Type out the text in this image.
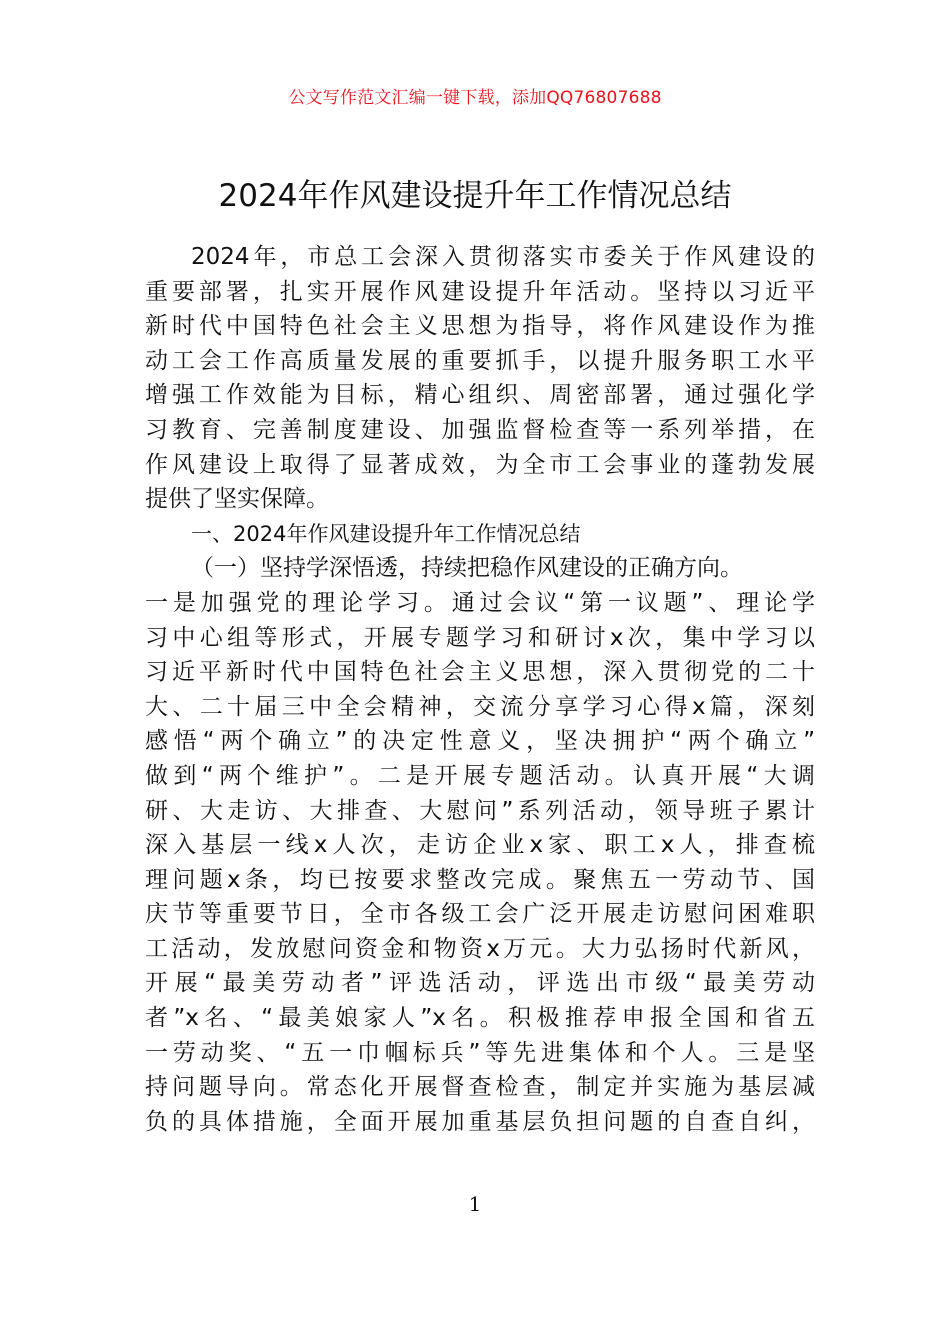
公文写作范文汇编一键下载，添加QQ76807688
2024年作风建设提升年工作情况总结
2024年，市总工会深入贯彻落实市委关于作风建设的
重要部署，扎实开展作风建设提升年活动。坚持以习近平
新时代中国特色社会主义思想为指导，将作风建设作为推
动工会工作高质量发展的重要抓手，以提升服务职工水平
增强工作效能为目标，精心组织、周密部署，通过强化学
习教育、完善制度建设、加强监督检查等一系列举措，在
作风建设上取得了显著成效，为全市工会事业的蓬勃发展
提供了坚实保障。
一、2024年作风建设提升年工作情况总结
（一）坚持学深悟透，持续把稳作风建设的正确方向。
一是加强党的理论学习。通过会议“第一议题”、理论学
习中心组等形式，开展专题学习和研讨x次，集中学习以
习近平新时代中国特色社会主义思想，深入贯彻党的二十
大、二十届三中全会精神，交流分享学习心得x篇，深刻
感悟“两个确立”的决定性意义，坚决拥护“两个确立”
做到“两个维护”。二是开展专题活动。认真开展“大调
研、大走访、大排查、大慰问”系列活动，领导班子累计
深入基层一线x人次，走访企业x家、职工x人，排查梳
理问题x条，均已按要求整改完成。聚焦五一劳动节、国
庆节等重要节日，全市各级工会广泛开展走访慰问困难职
工活动，发放慰问资金和物资x万元。大力弘扬时代新风，
开展“最美劳动者”评选活动，评选出市级“最美劳动
者”x名、“最美娘家人”x名。积极推荐申报全国和省五
一劳动奖、“五一巾帼标兵”等先进集体和个人。三是坚
持问题导向。常态化开展督查检查，制定并实施为基层减
负的具体措施，全面开展加重基层负担问题的自查自纠，
1
